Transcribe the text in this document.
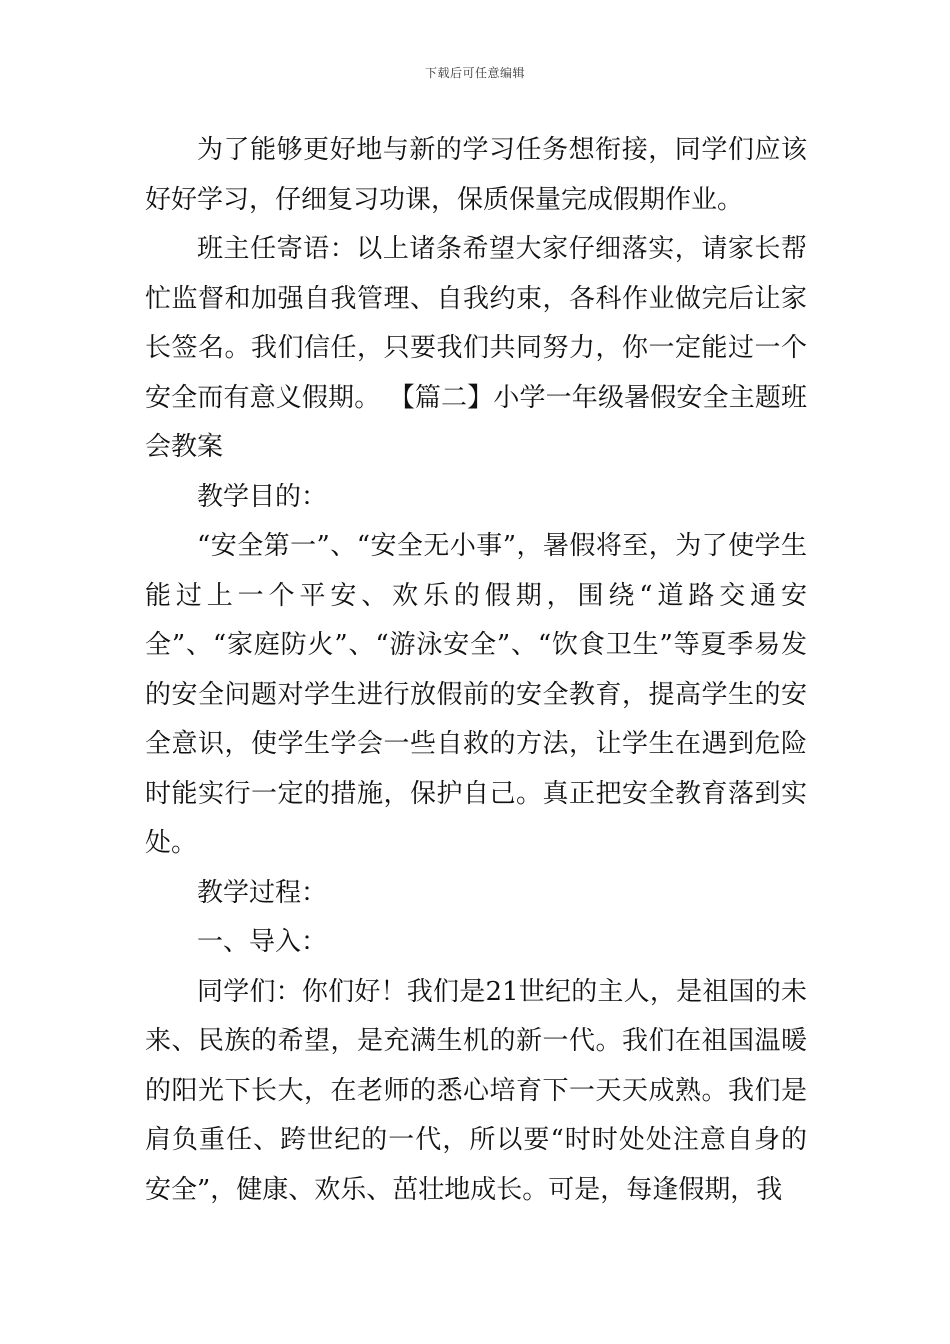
下载后可任意编辑

为了能够更好地与新的学习任务想衔接，同学们应该好好学习，仔细复习功课，保质保量完成假期作业。

班主任寄语：以上诸条希望大家仔细落实，请家长帮忙监督和加强自我管理、自我约束，各科作业做完后让家长签名。我们信任，只要我们共同努力，你一定能过一个安全而有意义假期。 【篇二】小学一年级暑假安全主题班会教案

教学目的：

“安全第一”、“安全无小事”，暑假将至，为了使学生能过上一个平安、欢乐的假期，围绕“道路交通安全”、“家庭防火”、“游泳安全”、“饮食卫生”等夏季易发的安全问题对学生进行放假前的安全教育，提高学生的安全意识，使学生学会一些自救的方法，让学生在遇到危险时能实行一定的措施，保护自己。真正把安全教育落到实处。

教学过程：

一、导入：

同学们：你们好！我们是21世纪的主人，是祖国的未来、民族的希望，是充满生机的新一代。我们在祖国温暖的阳光下长大，在老师的悉心培育下一天天成熟。我们是肩负重任、跨世纪的一代，所以要“时时处处注意自身的安全”，健康、欢乐、茁壮地成长。可是，每逢假期，我
